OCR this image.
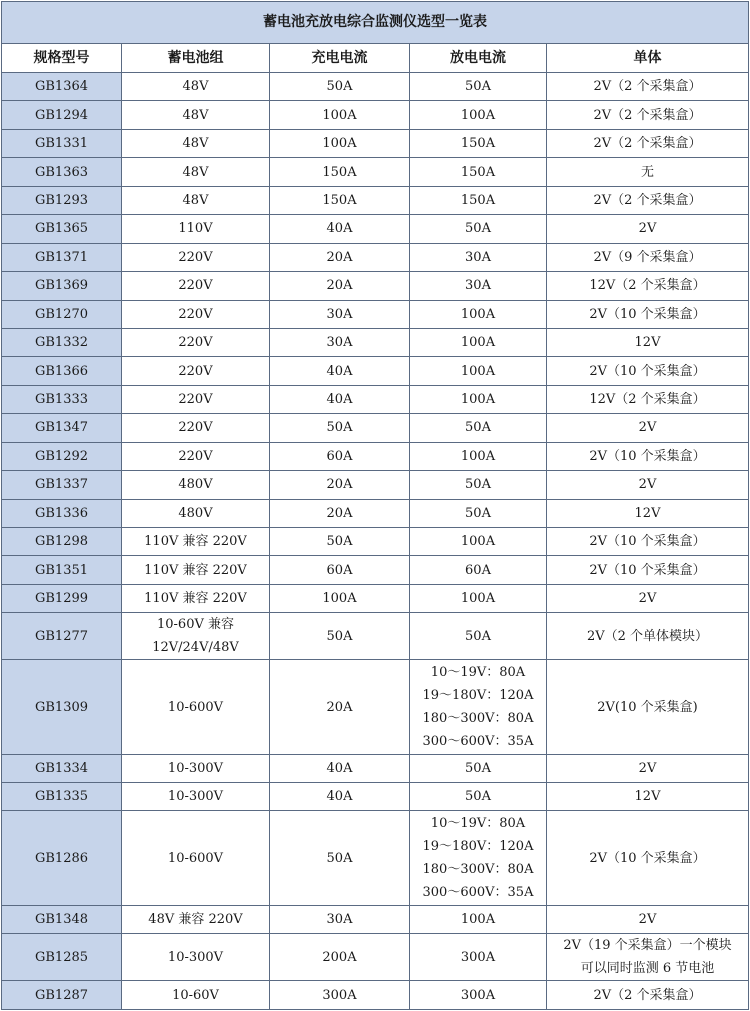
蓄电池充放电综合监测仪选型一览表				
规格型号	蓄电池组	充电电流	放电电流	单体
GB1364	48V	50A	50A	2V（2 个采集盒）

GB1294	48V	100A	100A	2V（2 个采集盒）

GB1331	48V	100A	150A	2V（2 个采集盒）

GB1363	48V	150A	150A	无

GB1293	48V	150A	150A	2V（2 个采集盒）

GB1365	110V	40A	50A	2V

GB1371	220V	20A	30A	2V（9 个采集盒）

GB1369	220V	20A	30A	12V（2 个采集盒）

GB1270	220V	30A	100A	2V（10 个采集盒）

GB1332	220V	30A	100A	12V

GB1366	220V	40A	100A	2V（10 个采集盒）

GB1333	220V	40A	100A	12V（2 个采集盒）

GB1347	220V	50A	50A	2V

GB1292	220V	60A	100A	2V（10 个采集盒）

GB1337	480V	20A	50A	2V

GB1336	480V	20A	50A	12V

GB1298	110V 兼容 220V	50A	100A	2V（10 个采集盒）

GB1351	110V 兼容 220V	60A	60A	2V（10 个采集盒）

GB1299	110V 兼容 220V	100A	100A	2V

GB1277	10-60V 兼容
12V/24V/48V	50A	50A	2V（2 个单体模块）

GB1309	10-600V	20A	10～19V：80A
19～180V：120A
180～300V：80A
300～600V：35A	2V(10 个采集盒)

GB1334	10-300V	40A	50A	2V

GB1335	10-300V	40A	50A	12V

GB1286	10-600V	50A	10～19V：80A
19～180V：120A
180～300V：80A
300～600V：35A	2V（10 个采集盒）

GB1348	48V 兼容 220V	30A	100A	2V

GB1285	10-300V	200A	300A	2V（19 个采集盒）一个模块
可以同时监测 6 节电池

GB1287	10-60V	300A	300A	2V（2 个采集盒）
